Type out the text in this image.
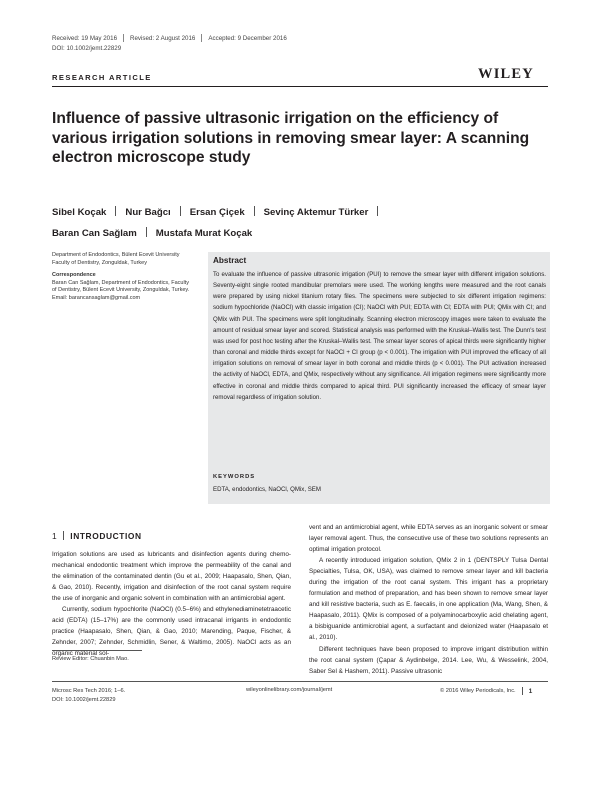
Received: 19 May 2016 Revised: 2 August 2016 Accepted: 9 December 2016
DOI: 10.1002/jemt.22829
RESEARCH ARTICLE	WILEY
Influence of passive ultrasonic irrigation on the efficiency of various irrigation solutions in removing smear layer: A scanning electron microscope study
Sibel Koçak Nur Bağcı Ersan Çiçek Sevinç Aktemur Türker
Baran Can Sağlam Mustafa Murat Koçak
Department of Endodontics, Bülent Ecevit University Faculty of Dentistry, Zonguldak, Turkey
Correspondence
Baran Can Sağlam, Department of Endodontics, Faculty of Dentistry, Bülent Ecevit University, Zonguldak, Turkey.
Email: barancansaglam@gmail.com
Abstract
To evaluate the influence of passive ultrasonic irrigation (PUI) to remove the smear layer with different irrigation solutions. Seventy-eight single rooted mandibular premolars were used. The working lengths were measured and the root canals were prepared by using nickel titanium rotary files. The specimens were subjected to six different irrigation regimens: sodium hypochloride (NaOCl) with classic irrigation (CI); NaOCl with PUI; EDTA with CI; EDTA with PUI; QMix with CI; and QMix with PUI. The specimens were split longitudinally. Scanning electron microscopy images were taken to evaluate the amount of residual smear layer and scored. Statistical analysis was performed with the Kruskal–Wallis test. The Dunn's test was used for post hoc testing after the Kruskal–Wallis test. The smear layer scores of apical thirds were significantly higher than coronal and middle thirds except for NaOCl + CI group (p < 0.001). The irrigation with PUI improved the efficacy of all irrigation solutions on removal of smear layer in both coronal and middle thirds (p < 0.001). The PUI activation increased the activity of NaOCl, EDTA, and QMix, respectively without any significance. All irrigation regimens were significantly more effective in coronal and middle thirds compared to apical third. PUI significantly increased the efficacy of smear layer removal regardless of irrigation solution.
KEYWORDS
EDTA, endodontics, NaOCl, QMix, SEM
1 INTRODUCTION

Irrigation solutions are used as lubricants and disinfection agents during chemo-mechanical endodontic treatment which improve the permeability of the canal and the elimination of the contaminated dentin (Gu et al., 2009; Haapasalo, Shen, Qian, & Gao, 2010). Recently, irrigation and disinfection of the root canal system require the use of inorganic and organic solvent in combination with an antimicrobial agent.

Currently, sodium hypochlorite (NaOCl) (0.5–6%) and ethylenediaminetetraacetic acid (EDTA) (15–17%) are the commonly used intracanal irrigants in endodontic practice (Haapasalo, Shen, Qian, & Gao, 2010; Marending, Paque, Fischer, & Zehnder, 2007; Zehnder, Schmidlin, Sener, & Waltimo, 2005). NaOCl acts as an organic material sol-

vent and an antimicrobial agent, while EDTA serves as an inorganic solvent or smear layer removal agent. Thus, the consecutive use of these two solutions represents an optimal irrigation protocol.

A recently introduced irrigation solution, QMix 2 in 1 (DENTSPLY Tulsa Dental Specialties, Tulsa, OK, USA), was claimed to remove smear layer and kill bacteria during the irrigation of the root canal system. This irrigant has a proprietary formulation and method of preparation, and has been shown to remove smear layer and kill resistive bacteria, such as E. faecalis, in one application (Ma, Wang, Shen, & Haapasalo, 2011). QMix is composed of a polyaminocarboxylic acid chelating agent, a bisbiguanide antimicrobial agent, a surfactant and deionized water (Haapasalo et al., 2010).

Different techniques have been proposed to improve irrigant distribution within the root canal system (Çapar & Aydinbelge, 2014. Lee, Wu, & Wesselink, 2004, Saber Sel & Hashem, 2011). Passive ultrasonic

Review Editor: Chuanbin Mao.
Microsc Res Tech 2016; 1–6.
DOI: 10.1002/jemt.22829
wileyonlinelibrary.com/journal/jemt	© 2016 Wiley Periodicals, Inc. 1
